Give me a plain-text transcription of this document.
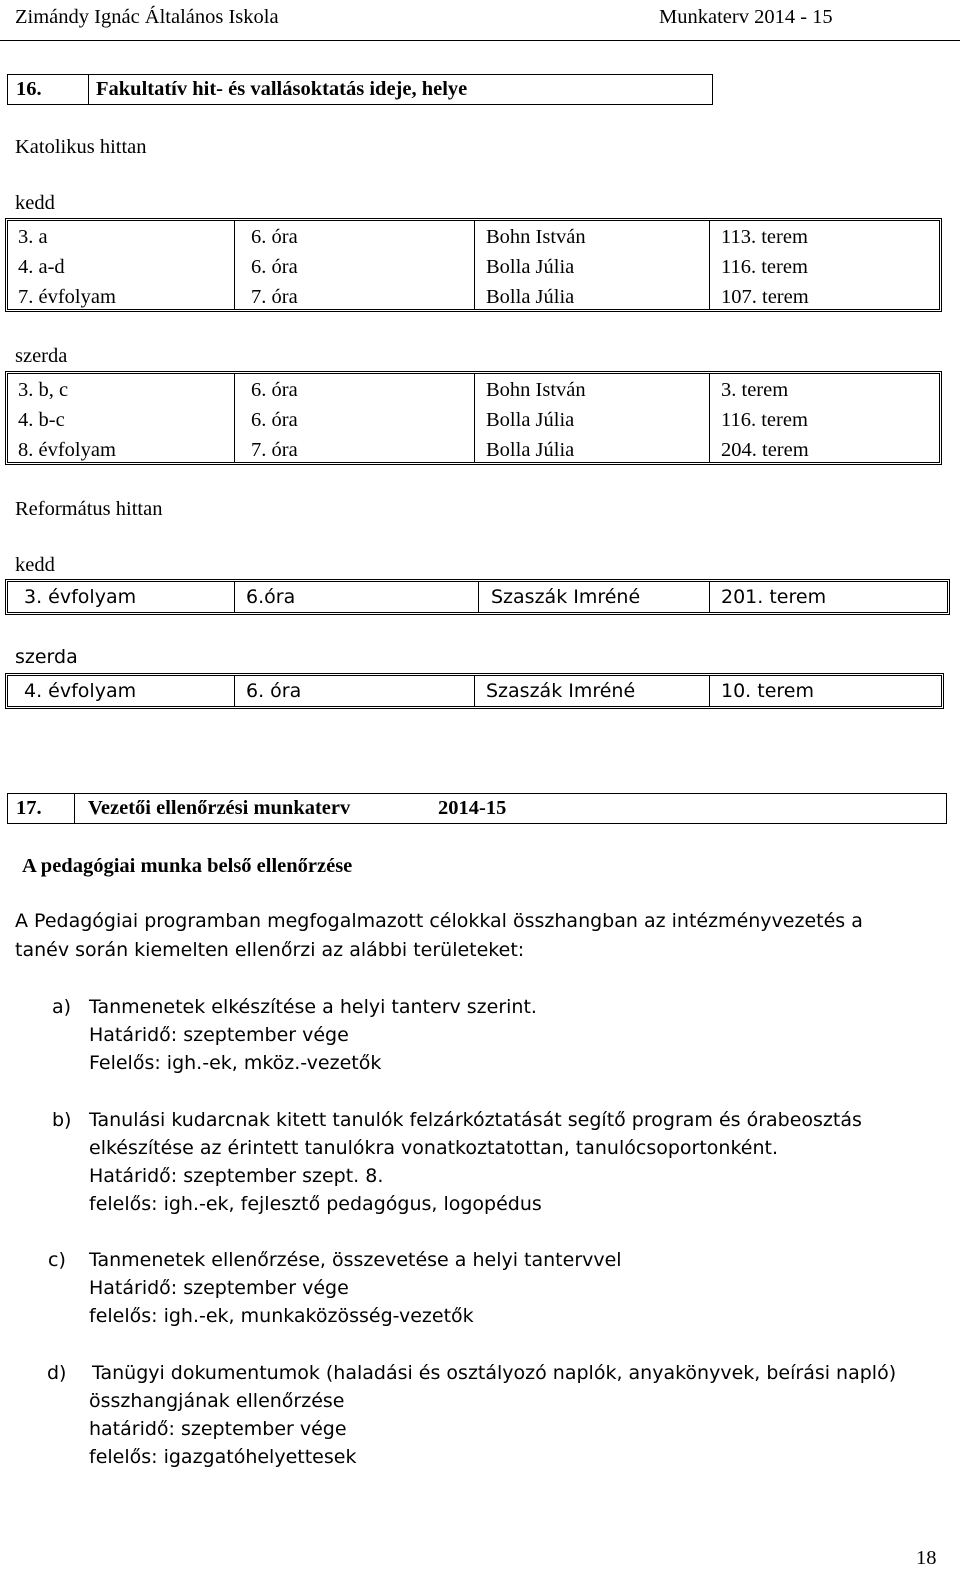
Zimándy Ignác Általános Iskola	Munkaterv 2014 - 15
16.	Fakultatív hit- és vallásoktatás ideje, helye
Katolikus hittan
kedd
3. a	6. óra	Bohn István	113. terem
4. a-d	6. óra	Bolla Júlia	116. terem
7. évfolyam	7. óra	Bolla Júlia	107. terem
szerda
3. b, c	6. óra	Bohn István	3. terem
4. b-c	6. óra	Bolla Júlia	116. terem
8. évfolyam	7. óra	Bolla Júlia	204. terem
Református hittan
kedd
3. évfolyam	6.óra	Szaszák Imréné	201. terem
szerda
4. évfolyam	6. óra	Szaszák Imréné	10. terem
17. Vezetői ellenőrzési munkaterv	2014-15
A pedagógiai munka belső ellenőrzése
A Pedagógiai programban megfogalmazott célokkal összhangban az intézményvezetés a
tanév során kiemelten ellenőrzi az alábbi területeket:
a) Tanmenetek elkészítése a helyi tanterv szerint.
Határidő: szeptember vége
Felelős: igh.-ek, mköz.-vezetők
b) Tanulási kudarcnak kitett tanulók felzárkóztatását segítő program és órabeosztás
elkészítése az érintett tanulókra vonatkoztatottan, tanulócsoportonként.
Határidő: szeptember szept. 8.
felelős: igh.-ek, fejlesztő pedagógus, logopédus
c) Tanmenetek ellenőrzése, összevetése a helyi tantervvel
Határidő: szeptember vége
felelős: igh.-ek, munkaközösség-vezetők
d) Tanügyi dokumentumok (haladási és osztályozó naplók, anyakönyvek, beírási napló)
összhangjának ellenőrzése
határidő: szeptember vége
felelős: igazgatóhelyettesek
18
